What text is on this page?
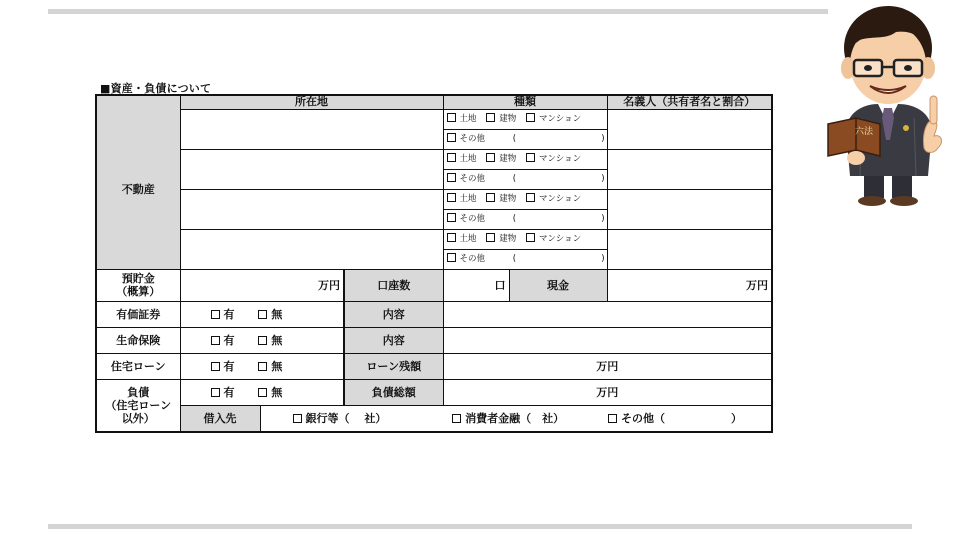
■資産・負債について
	所在地			種類		名義人（共有者名と割合）
不動産				土地 建物 マンション		
				その他 ( )		

				土地 建物 マンション		
				その他 ( )		

				土地 建物 マンション		
				その他 ( )		

				土地 建物 マンション		
				その他 ( )		

預貯金
（概算）	万円		口座数	口	現金	万円
有価証券	有 無		内容			
生命保険	有 無		内容			
住宅ローン	有 無		ローン残額	万円		

負債
（住宅ローン
以外）	有 無		負債総額	万円		
	借入先	銀行等（　 社） 消費者金融（　社） その他（　　　　　　）				
六法
